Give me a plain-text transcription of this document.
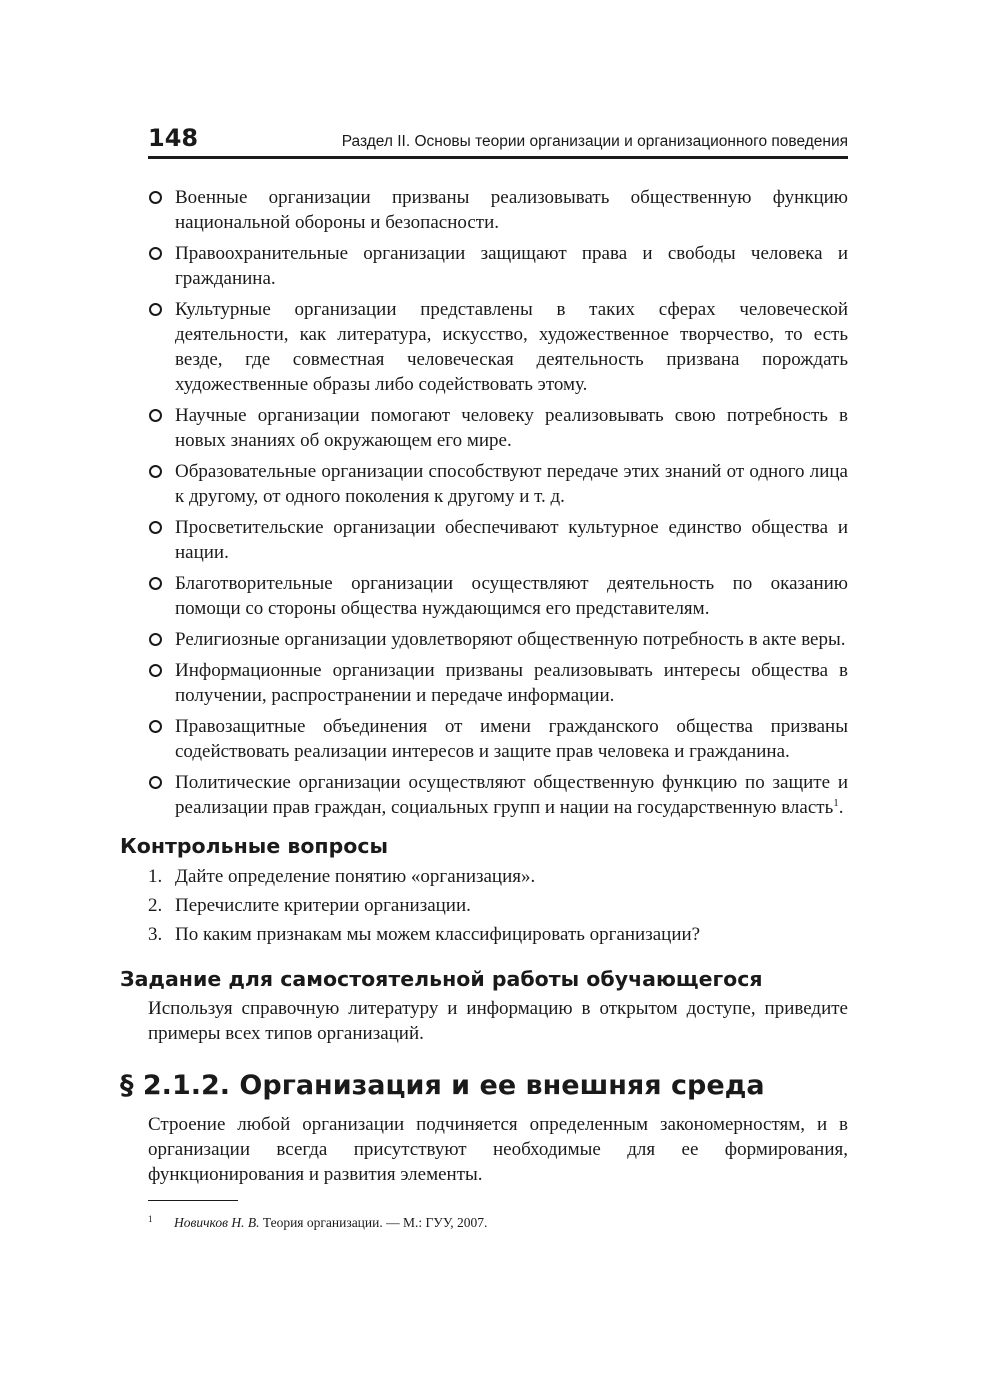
148	Раздел II. Основы теории организации и организационного поведения
Военные организации призваны реализовывать общественную функцию национальной обороны и безопасности.
Правоохранительные организации защищают права и свободы человека и гражданина.
Культурные организации представлены в таких сферах человеческой деятельности, как литература, искусство, художественное творчество, то есть везде, где совместная человеческая деятельность призвана порождать художественные образы либо содействовать этому.
Научные организации помогают человеку реализовывать свою потребность в новых знаниях об окружающем его мире.
Образовательные организации способствуют передаче этих знаний от одного лица к другому, от одного поколения к другому и т. д.
Просветительские организации обеспечивают культурное единство общества и нации.
Благотворительные организации осуществляют деятельность по оказанию помощи со стороны общества нуждающимся его представителям.
Религиозные организации удовлетворяют общественную потребность в акте веры.
Информационные организации призваны реализовывать интересы общества в получении, распространении и передаче информации.
Правозащитные объединения от имени гражданского общества призваны содействовать реализации интересов и защите прав человека и гражданина.
Политические организации осуществляют общественную функцию по защите и реализации прав граждан, социальных групп и нации на государственную власть$^1$.
Контрольные вопросы
1. Дайте определение понятию «организация».
2. Перечислите критерии организации.
3. По каким признакам мы можем классифицировать организации?
Задание для самостоятельной работы обучающегося

Используя справочную литературу и информацию в открытом доступе, приведите примеры всех типов организаций.

§ 2.1.2. Организация и ее внешняя среда

Строение любой организации подчиняется определенным закономерностям, и в организации всегда присутствуют необходимые для ее формирования, функционирования и развития элементы.

1 Новичков Н. В. Теория организации. — М.: ГУУ, 2007.
